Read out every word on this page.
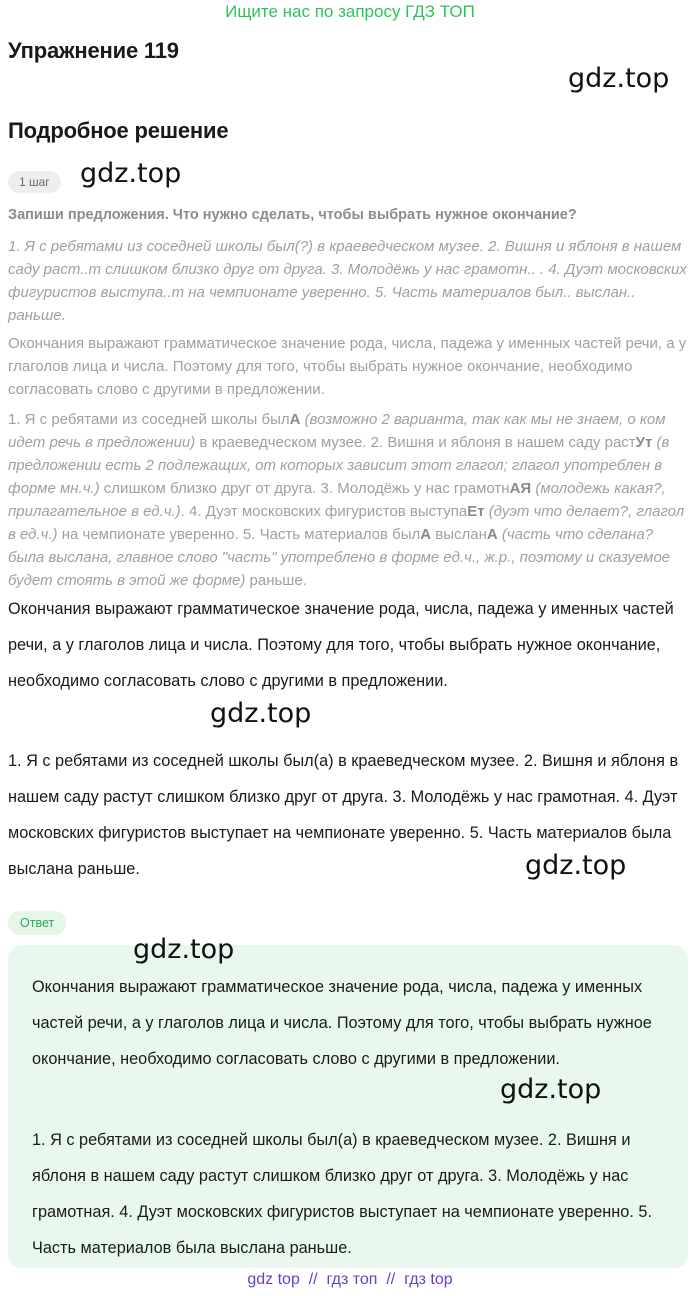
Ищите нас по запросу ГДЗ ТОП
Упражнение 119
gdz.top
Подробное решение
1 шаг	gdz.top
Запиши предложения. Что нужно сделать, чтобы выбрать нужное окончание?
1. Я с ребятами из соседней школы был(?) в краеведческом музее. 2. Вишня и яблоня в нашем саду раст..т слишком близко друг от друга. 3. Молодёжь у нас грамотн.. . 4. Дуэт московских фигуристов выступа..т на чемпионате уверенно. 5. Часть материалов был.. выслан.. раньше.
Окончания выражают грамматическое значение рода, числа, падежа у именных частей речи, а у глаголов лица и числа. Поэтому для того, чтобы выбрать нужное окончание, необходимо согласовать слово с другими в предложении.
1. Я с ребятами из соседней школы былА (возможно 2 варианта, так как мы не знаем, о ком идет речь в предложении) в краеведческом музее. 2. Вишня и яблоня в нашем саду растУт (в предложении есть 2 подлежащих, от которых зависит этот глагол; глагол употреблен в форме мн.ч.) слишком близко друг от друга. 3. Молодёжь у нас грамотнАЯ (молодежь какая?, прилагательное в ед.ч.). 4. Дуэт московских фигуристов выступаЕт (дуэт что делает?, глагол в ед.ч.) на чемпионате уверенно. 5. Часть материалов былА высланА (часть что сделана? была выслана, главное слово "часть" употреблено в форме ед.ч., ж.р., поэтому и сказуемое будет стоять в этой же форме) раньше.
Окончания выражают грамматическое значение рода, числа, падежа у именных частей речи, а у глаголов лица и числа. Поэтому для того, чтобы выбрать нужное окончание, необходимо согласовать слово с другими в предложении.
gdz.top
1. Я с ребятами из соседней школы был(а) в краеведческом музее. 2. Вишня и яблоня в нашем саду растут слишком близко друг от друга. 3. Молодёжь у нас грамотная. 4. Дуэт московских фигуристов выступает на чемпионате уверенно. 5. Часть материалов была выслана раньше.	gdz.top
Ответ
gdz.top
Окончания выражают грамматическое значение рода, числа, падежа у именных частей речи, а у глаголов лица и числа. Поэтому для того, чтобы выбрать нужное окончание, необходимо согласовать слово с другими в предложении.
gdz.top
1. Я с ребятами из соседней школы был(а) в краеведческом музее. 2. Вишня и яблоня в нашем саду растут слишком близко друг от друга. 3. Молодёжь у нас грамотная. 4. Дуэт московских фигуристов выступает на чемпионате уверенно. 5. Часть материалов была выслана раньше.
gdz top // гдз топ // гдз top
